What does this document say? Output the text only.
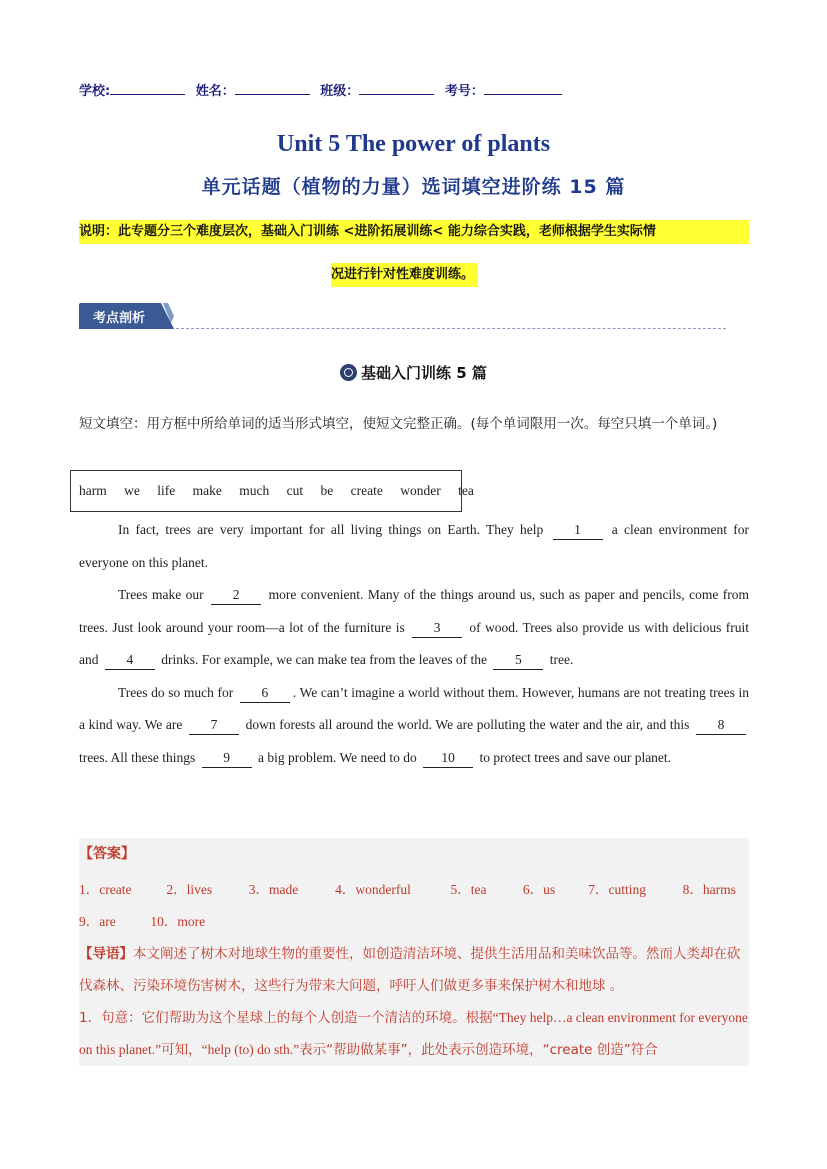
学校:	姓名：	班级：	考号：
Unit 5 The power of plants
单元话题（植物的力量）选词填空进阶练 15 篇
说明：此专题分三个难度层次，基础入门训练 <进阶拓展训练< 能力综合实践，老师根据学生实际情
况进行针对性难度训练。
考点剖析
基础入门训练 5 篇
短文填空：用方框中所给单词的适当形式填空，使短文完整正确。(每个单词限用一次。每空只填一个单词。)
harm we life make much cut be create wonder tea

In fact, trees are very important for all living things on Earth. They help 1 a clean environment for everyone on this planet.

Trees make our 2 more convenient. Many of the things around us, such as paper and pencils, come from trees. Just look around your room—a lot of the furniture is 3 of wood. Trees also provide us with delicious fruit and 4 drinks. For example, we can make tea from the leaves of the 5 tree.

Trees do so much for 6 . We can’t imagine a world without them. However, humans are not treating trees in a kind way. We are 7 down forests all around the world. We are polluting the water and the air, and this 8 trees. All these things 9 a big problem. We need to do 10 to protect trees and save our planet.

【答案】
1．create	2．lives	3．made	4．wonderful	5．tea	6．us 7．cutting	8．harms
9．are	10．more

【导语】本文阐述了树木对地球生物的重要性，如创造清洁环境、提供生活用品和美味饮品等。然而人类却在砍伐森林、污染环境伤害树木，这些行为带来大问题，呼吁人们做更多事来保护树木和地球 。

1．句意：它们帮助为这个星球上的每个人创造一个清洁的环境。根据“They help…a clean environment for everyone on this planet.”可知，“help (to) do sth.”表示“帮助做某事”，此处表示创造环境，“create 创造”符合
